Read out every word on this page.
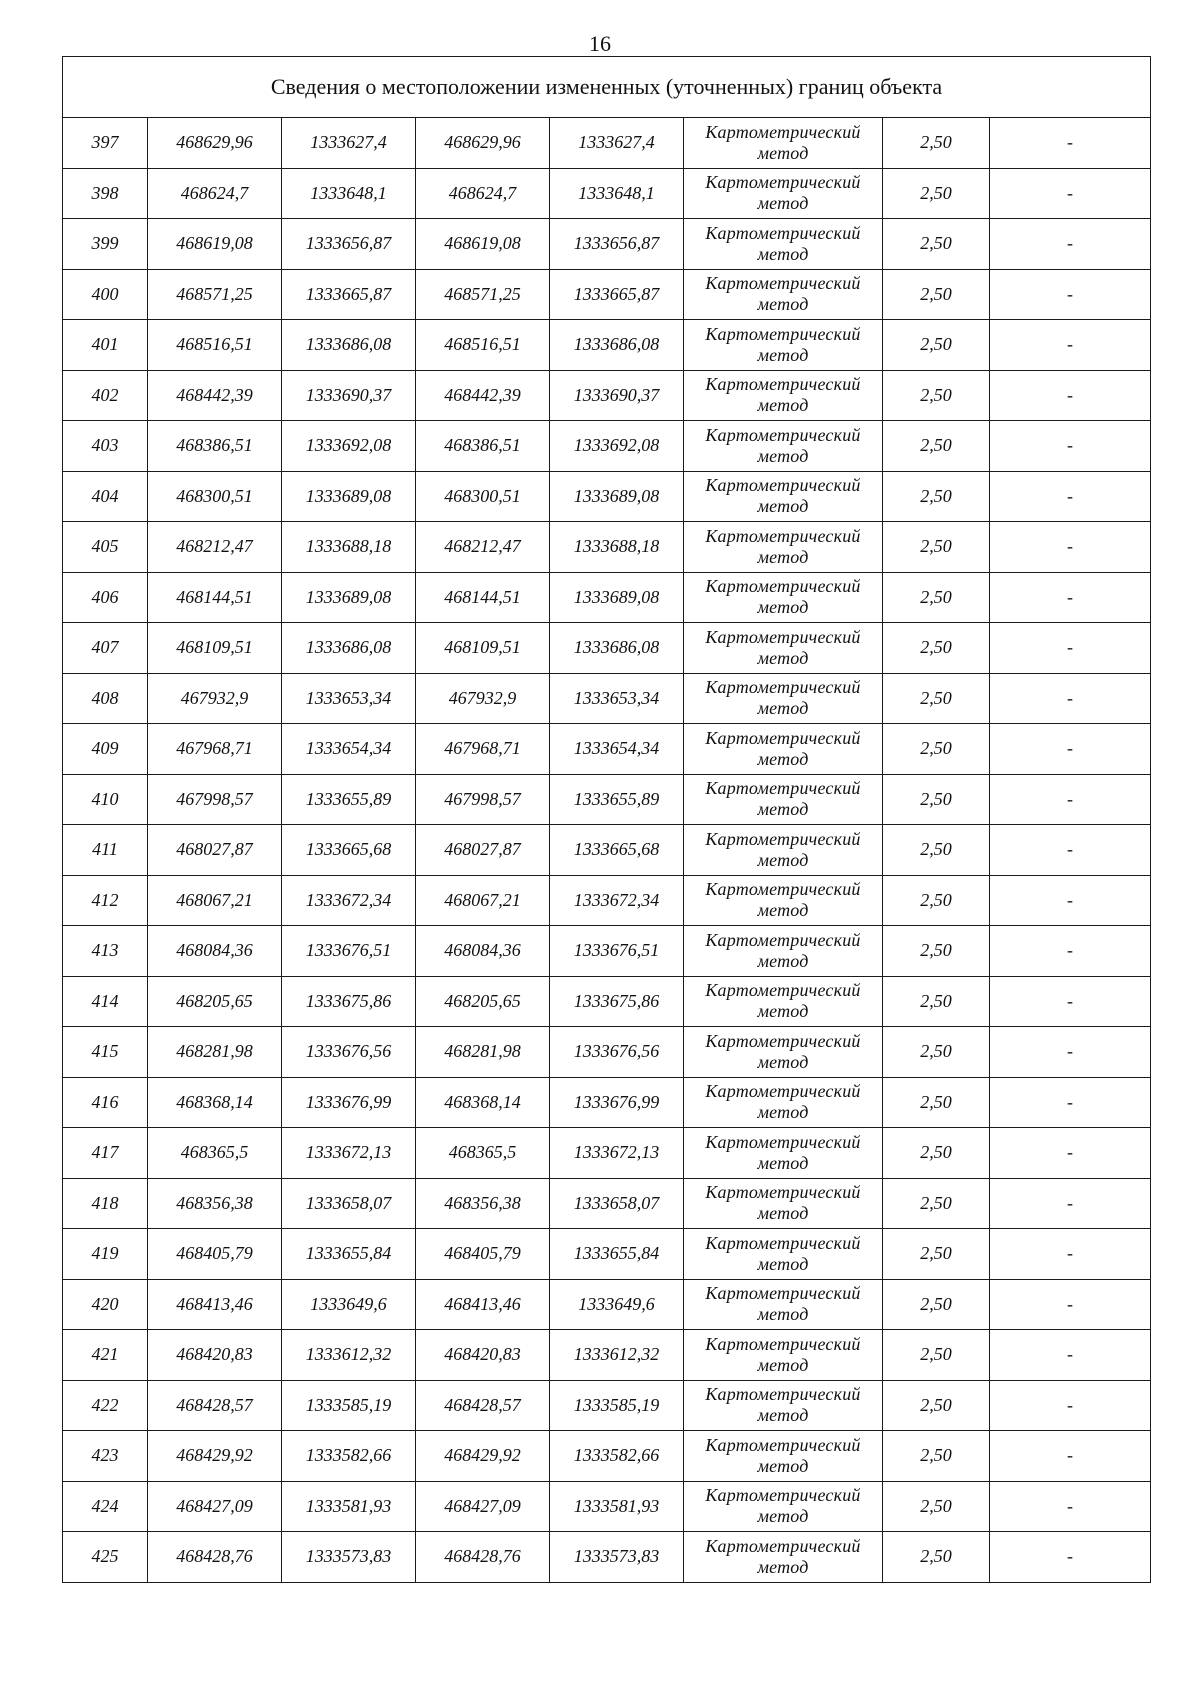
16
Сведения о местоположении измененных (уточненных) границ объекта							
397	468629,96	1333627,4	468629,96	1333627,4	Картометрический метод	2,50	-
398	468624,7	1333648,1	468624,7	1333648,1	Картометрический метод	2,50	-
399	468619,08	1333656,87	468619,08	1333656,87	Картометрический метод	2,50	-
400	468571,25	1333665,87	468571,25	1333665,87	Картометрический метод	2,50	-
401	468516,51	1333686,08	468516,51	1333686,08	Картометрический метод	2,50	-
402	468442,39	1333690,37	468442,39	1333690,37	Картометрический метод	2,50	-
403	468386,51	1333692,08	468386,51	1333692,08	Картометрический метод	2,50	-
404	468300,51	1333689,08	468300,51	1333689,08	Картометрический метод	2,50	-
405	468212,47	1333688,18	468212,47	1333688,18	Картометрический метод	2,50	-
406	468144,51	1333689,08	468144,51	1333689,08	Картометрический метод	2,50	-
407	468109,51	1333686,08	468109,51	1333686,08	Картометрический метод	2,50	-
408	467932,9	1333653,34	467932,9	1333653,34	Картометрический метод	2,50	-
409	467968,71	1333654,34	467968,71	1333654,34	Картометрический метод	2,50	-
410	467998,57	1333655,89	467998,57	1333655,89	Картометрический метод	2,50	-
411	468027,87	1333665,68	468027,87	1333665,68	Картометрический метод	2,50	-
412	468067,21	1333672,34	468067,21	1333672,34	Картометрический метод	2,50	-
413	468084,36	1333676,51	468084,36	1333676,51	Картометрический метод	2,50	-
414	468205,65	1333675,86	468205,65	1333675,86	Картометрический метод	2,50	-
415	468281,98	1333676,56	468281,98	1333676,56	Картометрический метод	2,50	-
416	468368,14	1333676,99	468368,14	1333676,99	Картометрический метод	2,50	-
417	468365,5	1333672,13	468365,5	1333672,13	Картометрический метод	2,50	-
418	468356,38	1333658,07	468356,38	1333658,07	Картометрический метод	2,50	-
419	468405,79	1333655,84	468405,79	1333655,84	Картометрический метод	2,50	-
420	468413,46	1333649,6	468413,46	1333649,6	Картометрический метод	2,50	-
421	468420,83	1333612,32	468420,83	1333612,32	Картометрический метод	2,50	-
422	468428,57	1333585,19	468428,57	1333585,19	Картометрический метод	2,50	-
423	468429,92	1333582,66	468429,92	1333582,66	Картометрический метод	2,50	-
424	468427,09	1333581,93	468427,09	1333581,93	Картометрический метод	2,50	-
425	468428,76	1333573,83	468428,76	1333573,83	Картометрический метод	2,50	-
